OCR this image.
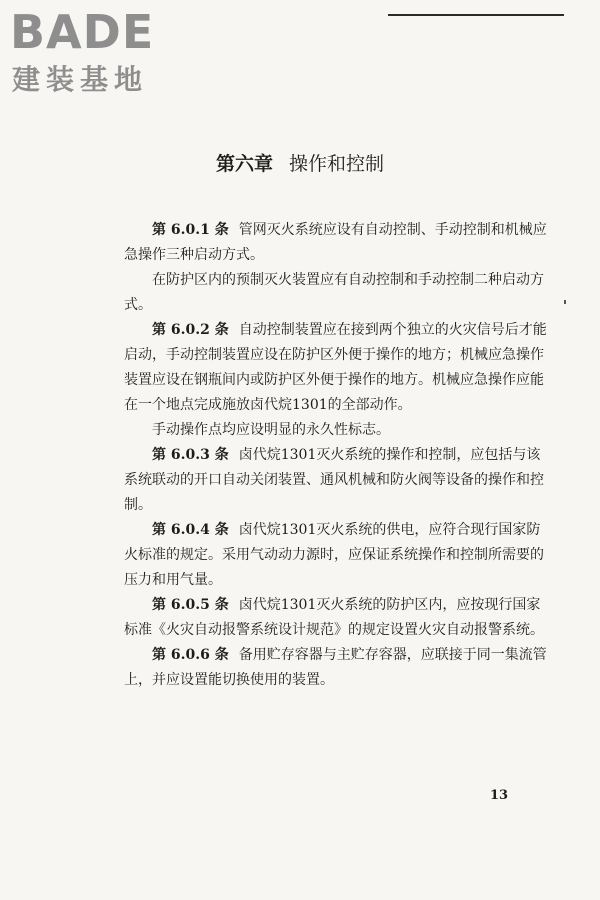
BADE
建装基地
第六章 操作和控制

第 6.0.1 条 管网灭火系统应设有自动控制、手动控制和机械应急操作三种启动方式。

在防护区内的预制灭火装置应有自动控制和手动控制二种启动方式。

第 6.0.2 条 自动控制装置应在接到两个独立的火灾信号后才能启动，手动控制装置应设在防护区外便于操作的地方；机械应急操作装置应设在钢瓶间内或防护区外便于操作的地方。机械应急操作应能在一个地点完成施放卤代烷1301的全部动作。

手动操作点均应设明显的永久性标志。

第 6.0.3 条 卤代烷1301灭火系统的操作和控制，应包括与该系统联动的开口自动关闭装置、通风机械和防火阀等设备的操作和控制。

第 6.0.4 条 卤代烷1301灭火系统的供电，应符合现行国家防火标准的规定。采用气动动力源时，应保证系统操作和控制所需要的压力和用气量。

第 6.0.5 条 卤代烷1301灭火系统的防护区内，应按现行国家标准《火灾自动报警系统设计规范》的规定设置火灾自动报警系统。

第 6.0.6 条 备用贮存容器与主贮存容器，应联接于同一集流管上，并应设置能切换使用的装置。

13
